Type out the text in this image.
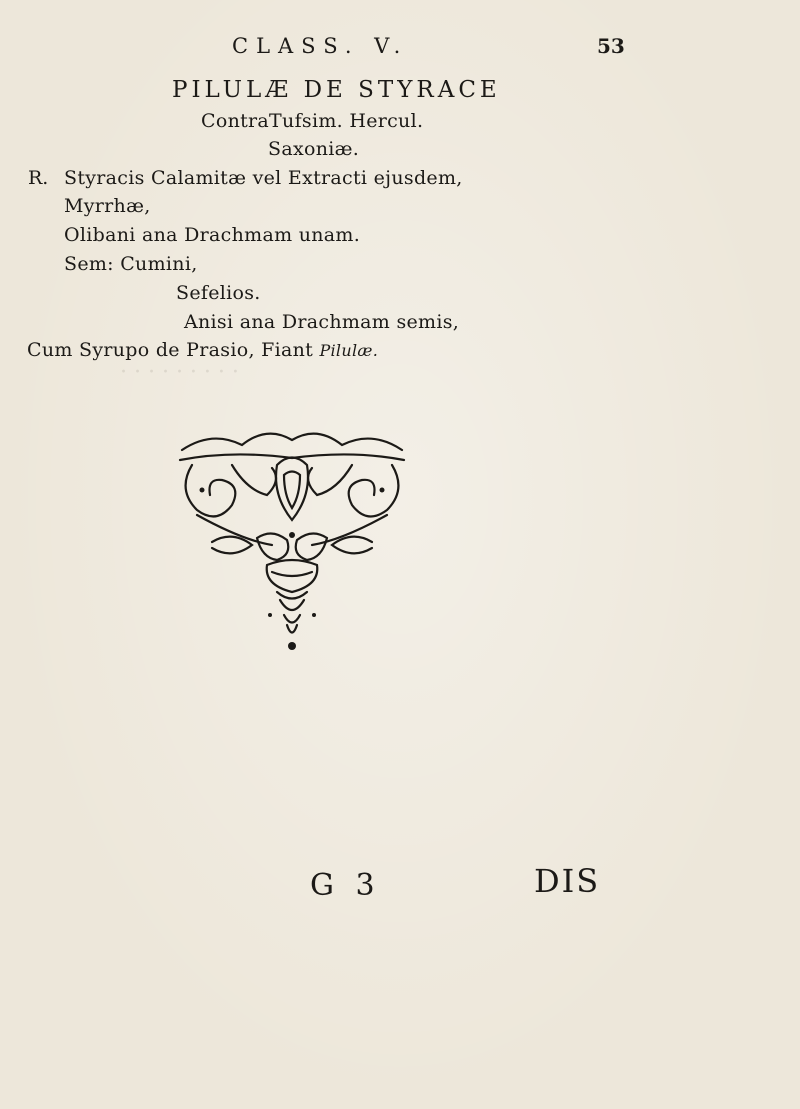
· · · · · · · · ·
CLASS. V.	53
PILULÆ DE STYRACE
ContraTufsim. Hercul.
Saxoniæ.
R. Styracis Calamitæ vel Extracti ejusdem,
Myrrhæ,
Olibani ana Drachmam unam.
Sem: Cumini,
Sefelios.
Anisi ana Drachmam semis,
Cum Syrupo de Prasio, Fiant Pilulæ.
G 3	DIS
